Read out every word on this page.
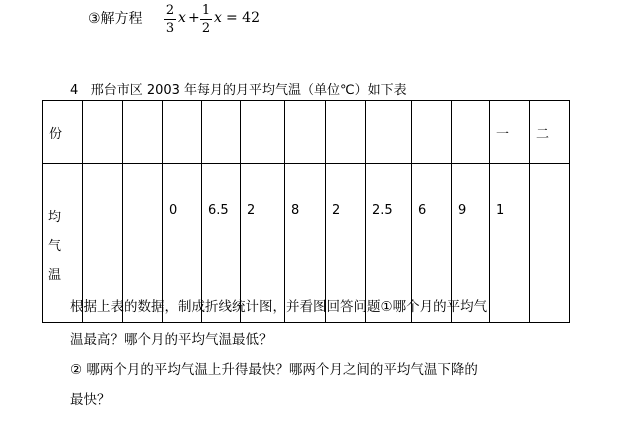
③解方程
2
3
x + 1
2
x = 42
4 邢台市区 2003 年每月的月平均气温（单位℃）如下表
份											一	二

均
气
温			0	6.5	2	8	2	2.5	6	9	1	
根据上表的数据，制成折线统计图，并看图回答问题①哪个月的平均气
温最高？哪个月的平均气温最低？
② 哪两个月的平均气温上升得最快？哪两个月之间的平均气温下降的
最快？
